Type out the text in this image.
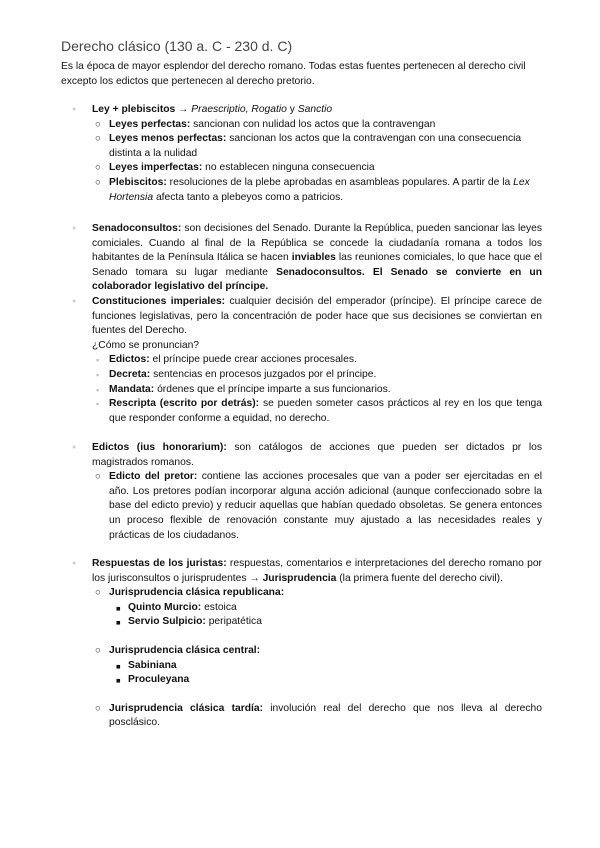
Derecho clásico (130 a. C - 230 d. C)
Es la época de mayor esplendor del derecho romano. Todas estas fuentes pertenecen al derecho civil excepto los edictos que pertenecen al derecho pretorio.
● Ley + plebiscitos → Praescriptio, Rogatio y Sanctio
○ Leyes perfectas: sancionan con nulidad los actos que la contravengan
○ Leyes menos perfectas: sancionan los actos que la contravengan con una consecuencia distinta a la nulidad
○ Leyes imperfectas: no establecen ninguna consecuencia
○ Plebiscitos: resoluciones de la plebe aprobadas en asambleas populares. A partir de la Lex Hortensia afecta tanto a plebeyos como a patricios.
● Senadoconsultos: son decisiones del Senado. Durante la República, pueden sancionar las leyes comiciales. Cuando al final de la República se concede la ciudadanía romana a todos los habitantes de la Península Itálica se hacen inviables las reuniones comiciales, lo que hace que el Senado tomara su lugar mediante Senadoconsultos. El Senado se convierte en un colaborador legislativo del príncipe.
● Constituciones imperiales: cualquier decisión del emperador (príncipe). El príncipe carece de funciones legislativas, pero la concentración de poder hace que sus decisiones se conviertan en fuentes del Derecho.
¿Cómo se pronuncian?
▪ Edictos: el príncipe puede crear acciones procesales.
▪ Decreta: sentencias en procesos juzgados por el príncipe.
▪ Mandata: órdenes que el príncipe imparte a sus funcionarios.
▪ Rescripta (escrito por detrás): se pueden someter casos prácticos al rey en los que tenga que responder conforme a equidad, no derecho.
● Edictos (ius honorarium): son catálogos de acciones que pueden ser dictados pr los magistrados romanos.
○ Edicto del pretor: contiene las acciones procesales que van a poder ser ejercitadas en el año. Los pretores podían incorporar alguna acción adicional (aunque confeccionado sobre la base del edicto previo) y reducir aquellas que habían quedado obsoletas. Se genera entonces un proceso flexible de renovación constante muy ajustado a las necesidades reales y prácticas de los ciudadanos.
● Respuestas de los juristas: respuestas, comentarios e interpretaciones del derecho romano por los jurisconsultos o jurisprudentes → Jurisprudencia (la primera fuente del derecho civil).
○ Jurisprudencia clásica republicana:
■ Quinto Murcio: estoica
■ Servio Sulpicio: peripatética
○ Jurisprudencia clásica central:
■ Sabiniana
■ Proculeyana
○ Jurisprudencia clásica tardía: involución real del derecho que nos lleva al derecho posclásico.
